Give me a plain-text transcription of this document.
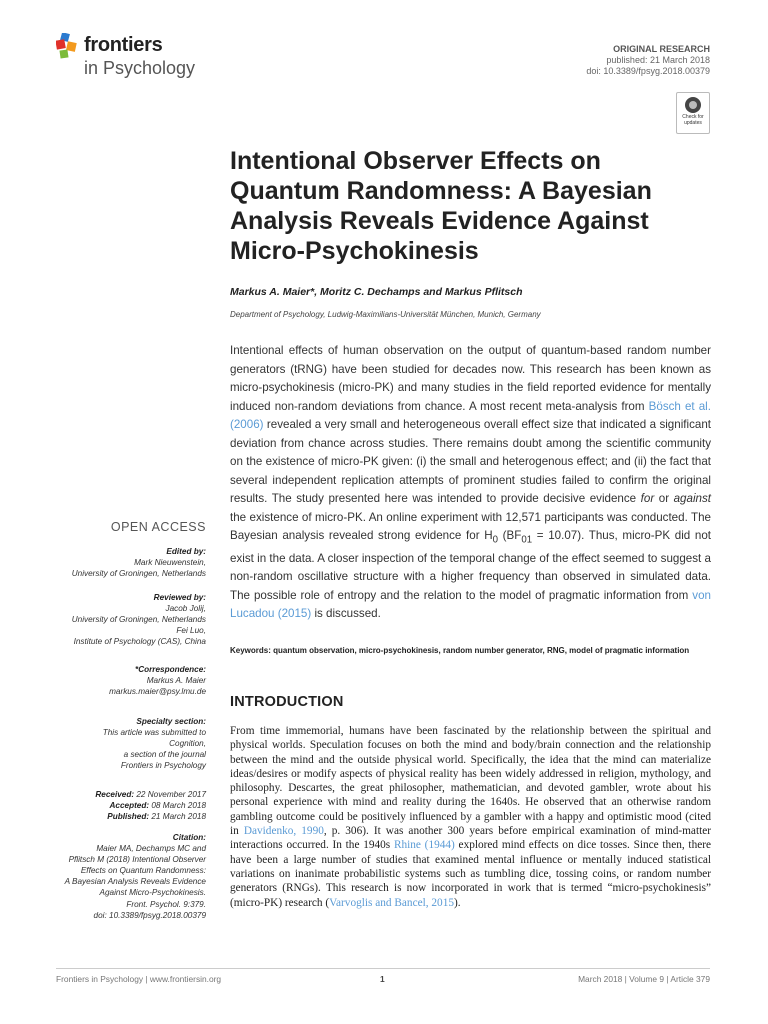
frontiers
in Psychology
ORIGINAL RESEARCH
published: 21 March 2018
doi: 10.3389/fpsyg.2018.00379
Check for
updates
Intentional Observer Effects on Quantum Randomness: A Bayesian Analysis Reveals Evidence Against Micro-Psychokinesis
Markus A. Maier*, Moritz C. Dechamps and Markus Pflitsch
Department of Psychology, Ludwig-Maximilians-Universität München, Munich, Germany

Intentional effects of human observation on the output of quantum-based random number generators (tRNG) have been studied for decades now. This research has been known as micro-psychokinesis (micro-PK) and many studies in the field reported evidence for mentally induced non-random deviations from chance. A most recent meta-analysis from Bösch et al. (2006) revealed a very small and heterogeneous overall effect size that indicated a significant deviation from chance across studies. There remains doubt among the scientific community on the existence of micro-PK given: (i) the small and heterogenous effect; and (ii) the fact that several independent replication attempts of prominent studies failed to confirm the original results. The study presented here was intended to provide decisive evidence for or against the existence of micro-PK. An online experiment with 12,571 participants was conducted. The Bayesian analysis revealed strong evidence for $H_0$ $(BF_{01} = 10.07)$. Thus, micro-PK did not exist in the data. A closer inspection of the temporal change of the effect seemed to suggest a non-random oscillative structure with a higher frequency than observed in simulated data. The possible role of entropy and the relation to the model of pragmatic information from von Lucadou (2015) is discussed.

Keywords: quantum observation, micro-psychokinesis, random number generator, RNG, model of pragmatic information
OPEN ACCESS
Edited by:
Mark Nieuwenstein,
University of Groningen, Netherlands
Reviewed by:
Jacob Jolij,
University of Groningen, Netherlands
Fei Luo,
Institute of Psychology (CAS), China
*Correspondence:
Markus A. Maier
markus.maier@psy.lmu.de
Specialty section:
This article was submitted to
Cognition,
a section of the journal
Frontiers in Psychology
Received: 22 November 2017
Accepted: 08 March 2018
Published: 21 March 2018
Citation:
Maier MA, Dechamps MC and
Pflitsch M (2018) Intentional Observer
Effects on Quantum Randomness:
A Bayesian Analysis Reveals Evidence
Against Micro-Psychokinesis.
Front. Psychol. 9:379.
doi: 10.3389/fpsyg.2018.00379
INTRODUCTION

From time immemorial, humans have been fascinated by the relationship between the spiritual and physical worlds. Speculation focuses on both the mind and body/brain connection and the relationship between the mind and the outside physical world. Specifically, the idea that the mind can materialize ideas/desires or modify aspects of physical reality has been widely addressed in religion, mythology, and philosophy. Descartes, the great philosopher, mathematician, and devoted gambler, wrote about his personal experience with mind and reality during the 1640s. He observed that an otherwise random gambling outcome could be positively influenced by a gambler with a happy and optimistic mood (cited in Davidenko, 1990, p. 306). It was another 300 years before empirical examination of mind-matter interactions occurred. In the 1940s Rhine (1944) explored mind effects on dice tosses. Since then, there have been a large number of studies that examined mental influence or mentally induced statistical variations on inanimate probabilistic systems such as tumbling dice, tossing coins, or random number generators (RNGs). This research is now incorporated in work that is termed “micro-psychokinesis” (micro-PK) research (Varvoglis and Bancel, 2015).

Frontiers in Psychology | www.frontiersin.org	1	March 2018 | Volume 9 | Article 379
